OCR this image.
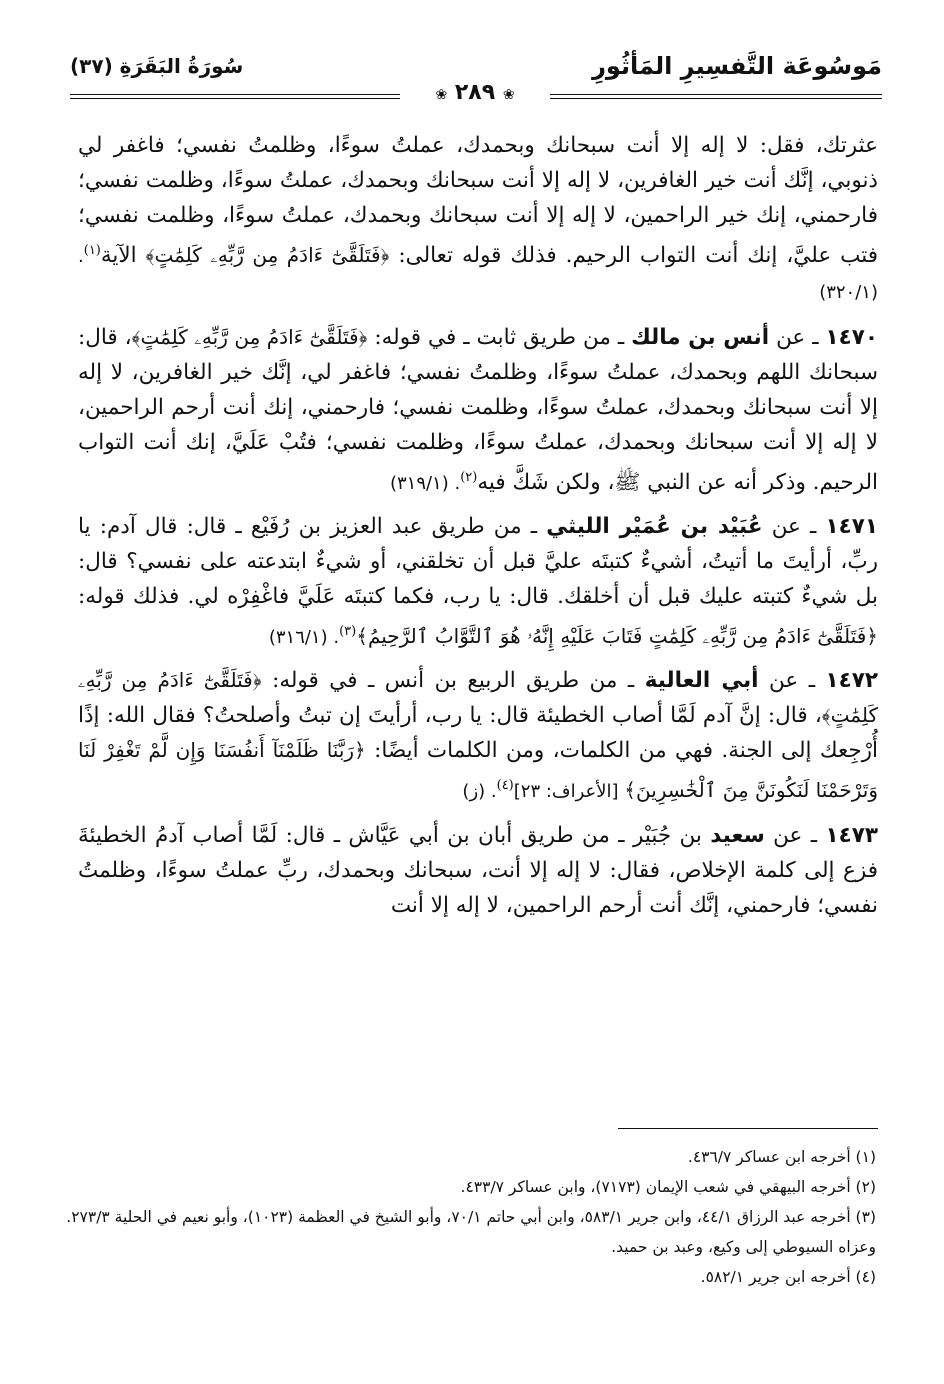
مَوسُوعَة التَّفسِيرِ المَأثُورِ
سُورَةُ البَقَرَةِ (٣٧)
❀ ٢٨٩ ❀

عثرتك، فقل: لا إله إلا أنت سبحانك وبحمدك، عملتُ سوءًا، وظلمتُ نفسي؛ فاغفر لي ذنوبي، إنَّك أنت خير الغافرين، لا إله إلا أنت سبحانك وبحمدك، عملتُ سوءًا، وظلمت نفسي؛ فارحمني، إنك خير الراحمين، لا إله إلا أنت سبحانك وبحمدك، عملتُ سوءًا، وظلمت نفسي؛ فتب عليَّ، إنك أنت التواب الرحيم. فذلك قوله تعالى: ﴿فَتَلَقَّىٰٓ ءَادَمُ مِن رَّبِّهِۦ كَلِمَٰتٍ﴾ الآية$^{(١)}$. (٣٢٠/١)

١٤٧٠ ـ عن أنس بن مالك ـ من طريق ثابت ـ في قوله: ﴿فَتَلَقَّىٰٓ ءَادَمُ مِن رَّبِّهِۦ كَلِمَٰتٍ﴾، قال: سبحانك اللهم وبحمدك، عملتُ سوءًا، وظلمتُ نفسي؛ فاغفر لي، إنَّك خير الغافرين، لا إله إلا أنت سبحانك وبحمدك، عملتُ سوءًا، وظلمت نفسي؛ فارحمني، إنك أنت أرحم الراحمين، لا إله إلا أنت سبحانك وبحمدك، عملتُ سوءًا، وظلمت نفسي؛ فتُبْ عَلَيَّ، إنك أنت التواب الرحيم. وذكر أنه عن النبي ﷺ، ولكن شَكَّ فيه$^{(٢)}$. (٣١٩/١)

١٤٧١ ـ عن عُبَيْد بن عُمَيْر الليثي ـ من طريق عبد العزيز بن رُفَيْع ـ قال: قال آدم: يا ربِّ، أرأيتَ ما أتيتُ، أشيءٌ كتبتَه عليَّ قبل أن تخلقني، أو شيءٌ ابتدعته على نفسي؟ قال: بل شيءٌ كتبته عليك قبل أن أخلقك. قال: يا رب، فكما كتبتَه عَلَيَّ فاغْفِرْه لي. فذلك قوله: ﴿فَتَلَقَّىٰٓ ءَادَمُ مِن رَّبِّهِۦ كَلِمَٰتٍ فَتَابَ عَلَيْهِ إِنَّهُۥ هُوَ ٱلتَّوَّابُ ٱلرَّحِيمُ﴾$^{(٣)}$. (٣١٦/١)

١٤٧٢ ـ عن أبي العالية ـ من طريق الربيع بن أنس ـ في قوله: ﴿فَتَلَقَّىٰٓ ءَادَمُ مِن رَّبِّهِۦ كَلِمَٰتٍ﴾، قال: إنَّ آدم لَمَّا أصاب الخطيئة قال: يا رب، أرأيتَ إن تبتُ وأصلحتُ؟ فقال الله: إذًا أُرْجِعك إلى الجنة. فهي من الكلمات، ومن الكلمات أيضًا: ﴿رَبَّنَا ظَلَمْنَآ أَنفُسَنَا وَإِن لَّمْ تَغْفِرْ لَنَا وَتَرْحَمْنَا لَنَكُونَنَّ مِنَ ٱلْخَٰسِرِينَ﴾ [الأعراف: ٢٣]$^{(٤)}$. (ز)

١٤٧٣ ـ عن سعيد بن جُبَيْر ـ من طريق أبان بن أبي عَيَّاش ـ قال: لَمَّا أصاب آدمُ الخطيئةَ فزع إلى كلمة الإخلاص، فقال: لا إله إلا أنت، سبحانك وبحمدك، ربِّ عملتُ سوءًا، وظلمتُ نفسي؛ فارحمني، إنَّك أنت أرحم الراحمين، لا إله إلا أنت

(١) أخرجه ابن عساكر ٤٣٦/٧.

(٢) أخرجه البيهقي في شعب الإيمان (٧١٧٣)، وابن عساكر ٤٣٣/٧.

(٣) أخرجه عبد الرزاق ٤٤/١، وابن جرير ٥٨٣/١، وابن أبي حاتم ٧٠/١، وأبو الشيخ في العظمة (١٠٢٣)، وأبو نعيم في الحلية ٢٧٣/٣. وعزاه السيوطي إلى وكيع، وعبد بن حميد.

(٤) أخرجه ابن جرير ٥٨٢/١.
